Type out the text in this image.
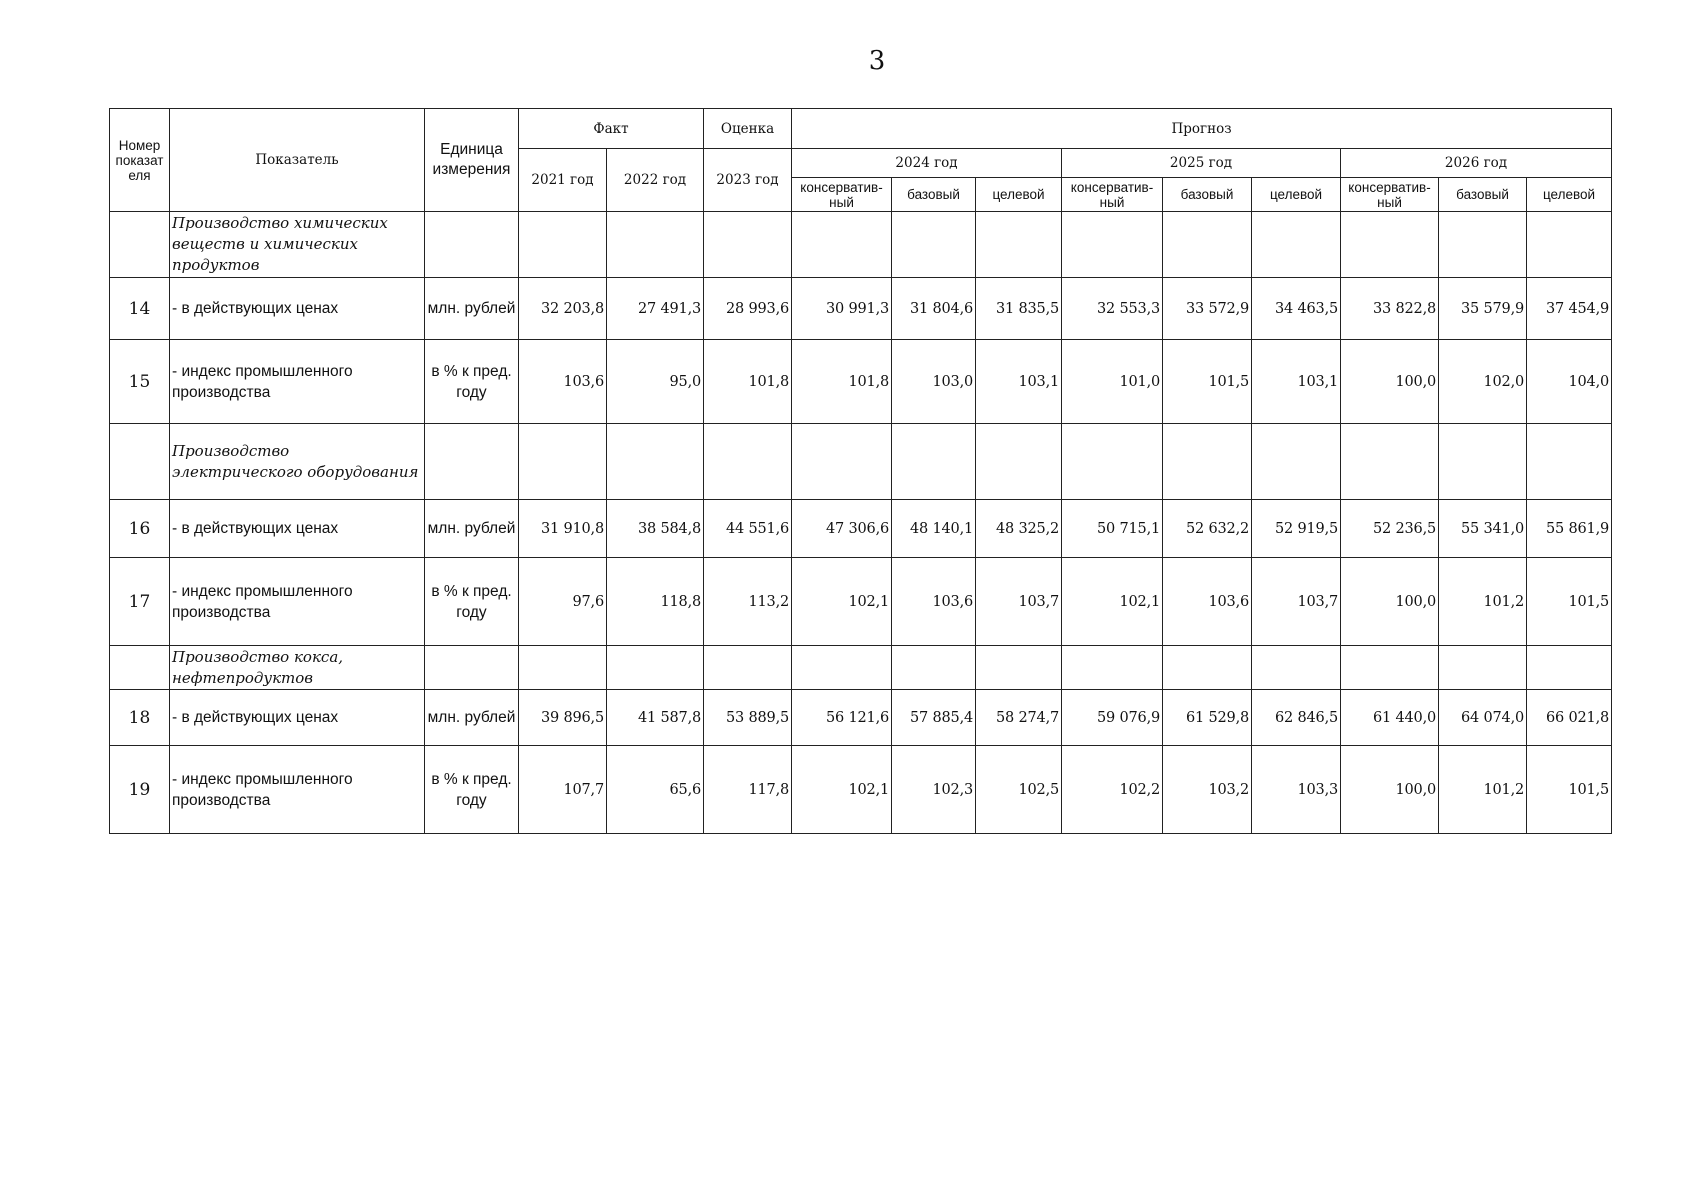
3
Номер показат еля	Показатель	Единица измерения	Факт		Оценка	Прогноз								
			2021 год	2022 год	2023 год	2024 год			2025 год			2026 год		
						консерватив-ный	базовый	целевой	консерватив-ный	базовый	целевой	консерватив-ный	базовый	целевой
	Производство химических веществ и химических продуктов													
14	- в действующих ценах	млн. рублей	32 203,8	27 491,3	28 993,6	30 991,3	31 804,6	31 835,5	32 553,3	33 572,9	34 463,5	33 822,8	35 579,9	37 454,9
15	- индекс промышленного производства	в % к пред. году	103,6	95,0	101,8	101,8	103,0	103,1	101,0	101,5	103,1	100,0	102,0	104,0
	Производство электрического оборудования													
16	- в действующих ценах	млн. рублей	31 910,8	38 584,8	44 551,6	47 306,6	48 140,1	48 325,2	50 715,1	52 632,2	52 919,5	52 236,5	55 341,0	55 861,9
17	- индекс промышленного производства	в % к пред. году	97,6	118,8	113,2	102,1	103,6	103,7	102,1	103,6	103,7	100,0	101,2	101,5
	Производство кокса, нефтепродуктов													
18	- в действующих ценах	млн. рублей	39 896,5	41 587,8	53 889,5	56 121,6	57 885,4	58 274,7	59 076,9	61 529,8	62 846,5	61 440,0	64 074,0	66 021,8
19	- индекс промышленного производства	в % к пред. году	107,7	65,6	117,8	102,1	102,3	102,5	102,2	103,2	103,3	100,0	101,2	101,5
